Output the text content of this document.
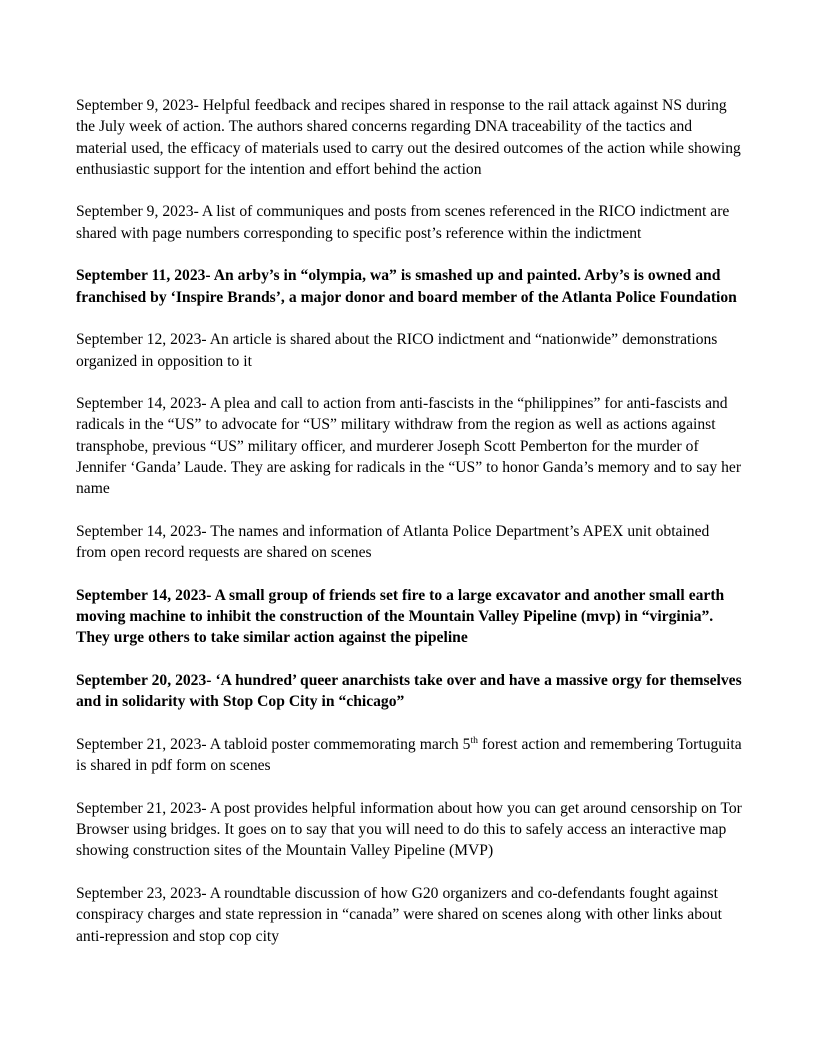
September 9, 2023- Helpful feedback and recipes shared in response to the rail attack against NS during the July week of action. The authors shared concerns regarding DNA traceability of the tactics and material used, the efficacy of materials used to carry out the desired outcomes of the action while showing enthusiastic support for the intention and effort behind the action

September 9, 2023- A list of communiques and posts from scenes referenced in the RICO indictment are shared with page numbers corresponding to specific post’s reference within the indictment

September 11, 2023- An arby’s in “olympia, wa” is smashed up and painted. Arby’s is owned and franchised by ‘Inspire Brands’, a major donor and board member of the Atlanta Police Foundation

September 12, 2023- An article is shared about the RICO indictment and “nationwide” demonstrations organized in opposition to it

September 14, 2023- A plea and call to action from anti-fascists in the “philippines” for anti-fascists and radicals in the “US” to advocate for “US” military withdraw from the region as well as actions against transphobe, previous “US” military officer, and murderer Joseph Scott Pemberton for the murder of Jennifer ‘Ganda’ Laude. They are asking for radicals in the “US” to honor Ganda’s memory and to say her name

September 14, 2023- The names and information of Atlanta Police Department’s APEX unit obtained from open record requests are shared on scenes

September 14, 2023- A small group of friends set fire to a large excavator and another small earth moving machine to inhibit the construction of the Mountain Valley Pipeline (mvp) in “virginia”. They urge others to take similar action against the pipeline

September 20, 2023- ‘A hundred’ queer anarchists take over and have a massive orgy for themselves and in solidarity with Stop Cop City in “chicago”

September 21, 2023- A tabloid poster commemorating march 5th forest action and remembering Tortuguita is shared in pdf form on scenes

September 21, 2023- A post provides helpful information about how you can get around censorship on Tor Browser using bridges. It goes on to say that you will need to do this to safely access an interactive map showing construction sites of the Mountain Valley Pipeline (MVP)

September 23, 2023- A roundtable discussion of how G20 organizers and co-defendants fought against conspiracy charges and state repression in “canada” were shared on scenes along with other links about anti-repression and stop cop city
